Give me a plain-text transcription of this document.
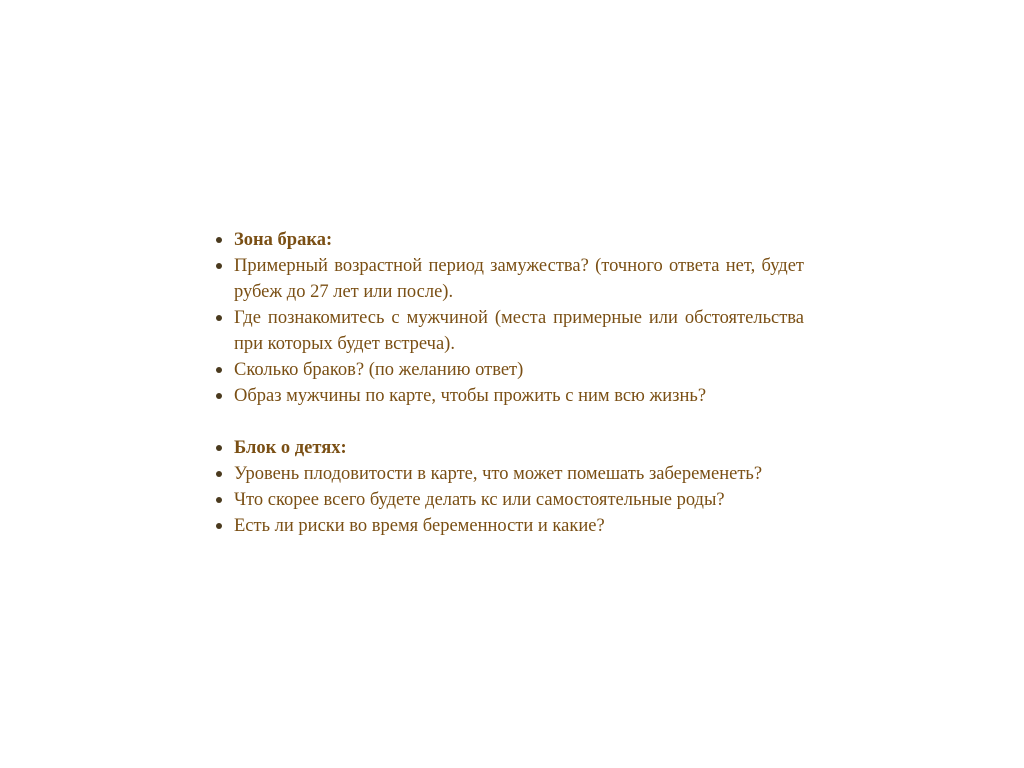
Зона брака:
Примерный возрастной период замужества? (точного ответа нет, будет рубеж до 27 лет или после).
Где познакомитесь с мужчиной (места примерные или обстоятельства при которых будет встреча).
Сколько браков? (по желанию ответ)
Образ мужчины по карте, чтобы прожить с ним всю жизнь?
Блок о детях:
Уровень плодовитости в карте, что может помешать забеременеть?
Что скорее всего будете делать кс или самостоятельные роды?
Есть ли риски во время беременности и какие?
